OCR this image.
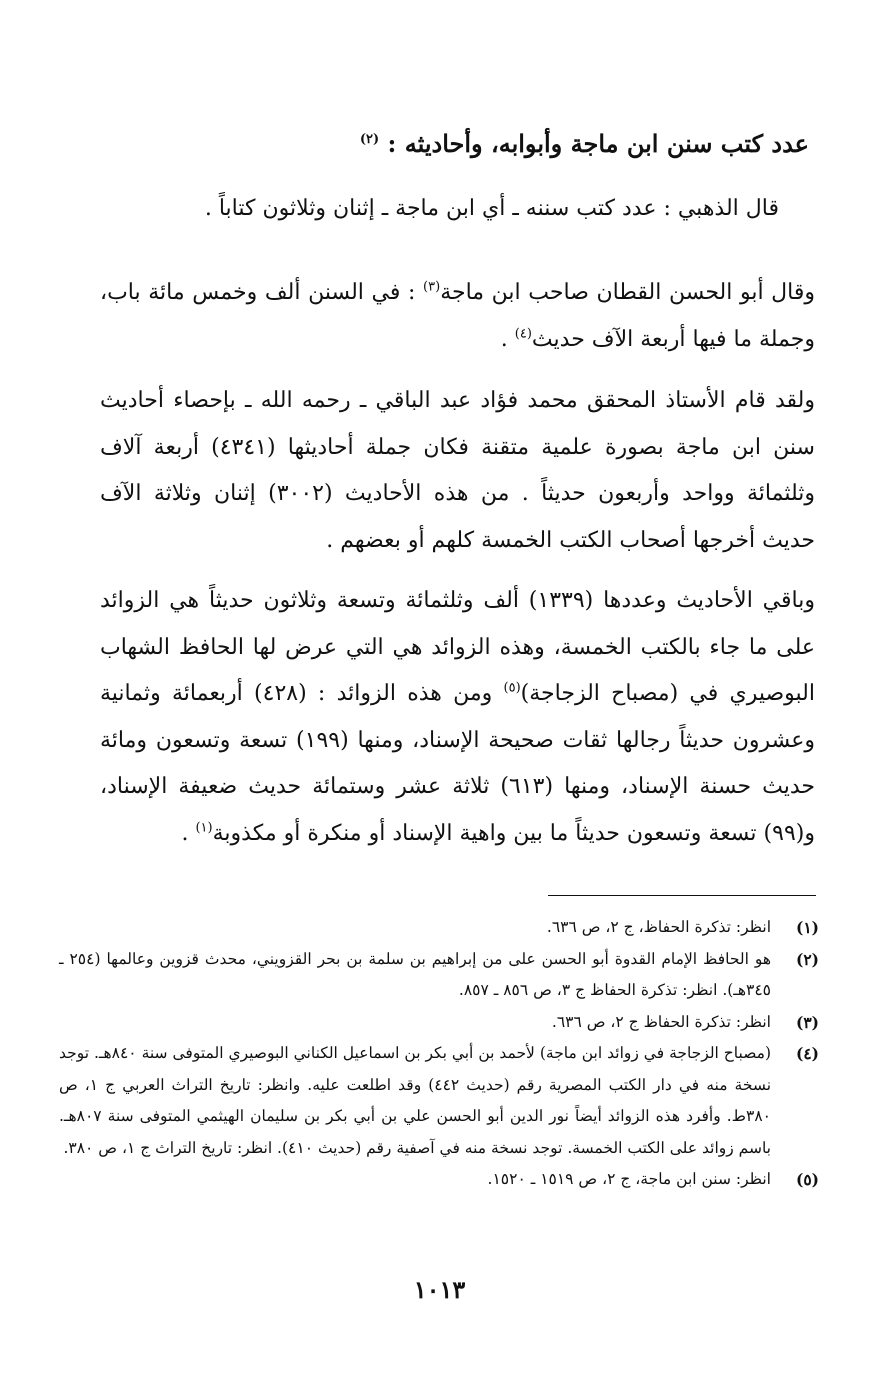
عدد كتب سنن ابن ماجة وأبوابه، وأحاديثه : $^{(٢)}$

قال الذهبي : عدد كتب سننه ـ أي ابن ماجة ـ إثنان وثلاثون كتاباً .

وقال أبو الحسن القطان صاحب ابن ماجة$^{(٣)}$ : في السنن ألف وخمس مائة باب، وجملة ما فيها أربعة الآف حديث$^{(٤)}$ .

ولقد قام الأستاذ المحقق محمد فؤاد عبد الباقي ـ رحمه الله ـ بإحصاء أحاديث سنن ابن ماجة بصورة علمية متقنة فكان جملة أحاديثها (٤٣٤١) أربعة آلاف وثلثمائة وواحد وأربعون حديثاً . من هذه الأحاديث (٣٠٠٢) إثنان وثلاثة الآف حديث أخرجها أصحاب الكتب الخمسة كلهم أو بعضهم .

وباقي الأحاديث وعددها (١٣٣٩) ألف وثلثمائة وتسعة وثلاثون حديثاً هي الزوائد على ما جاء بالكتب الخمسة، وهذه الزوائد هي التي عرض لها الحافظ الشهاب البوصيري في (مصباح الزجاجة)$^{(٥)}$ ومن هذه الزوائد : (٤٢٨) أربعمائة وثمانية وعشرون حديثاً رجالها ثقات صحيحة الإسناد، ومنها (١٩٩) تسعة وتسعون ومائة حديث حسنة الإسناد، ومنها (٦١٣) ثلاثة عشر وستمائة حديث ضعيفة الإسناد، و(٩٩) تسعة وتسعون حديثاً ما بين واهية الإسناد أو منكرة أو مكذوبة$^{(١)}$ .

(١)
انظر: تذكرة الحفاظ، ج ٢، ص ٦٣٦.
(٢)
هو الحافظ الإمام القدوة أبو الحسن على من إبراهيم بن سلمة بن بحر القزويني، محدث قزوين وعالمها (٢٥٤ ـ ٣٤٥هـ). انظر: تذكرة الحفاظ ج ٣، ص ٨٥٦ ـ ٨٥٧.
(٣)
انظر: تذكرة الحفاظ ج ٢، ص ٦٣٦.
(٤)
(مصباح الزجاجة في زوائد ابن ماجة) لأحمد بن أبي بكر بن اسماعيل الكناني البوصيري المتوفى سنة ٨٤٠هـ. توجد نسخة منه في دار الكتب المصرية رقم (حديث ٤٤٢) وقد اطلعت عليه. وانظر: تاريخ التراث العربي ج ١، ص ٣٨٠ط. وأفرد هذه الزوائد أيضاً نور الدين أبو الحسن علي بن أبي بكر بن سليمان الهيثمي المتوفى سنة ٨٠٧هـ. باسم زوائد على الكتب الخمسة. توجد نسخة منه في آصفية رقم (حديث ٤١٠). انظر: تاريخ التراث ج ١، ص ٣٨٠.
(٥)
انظر: سنن ابن ماجة، ج ٢، ص ١٥١٩ ـ ١٥٢٠.
١٠١٣
